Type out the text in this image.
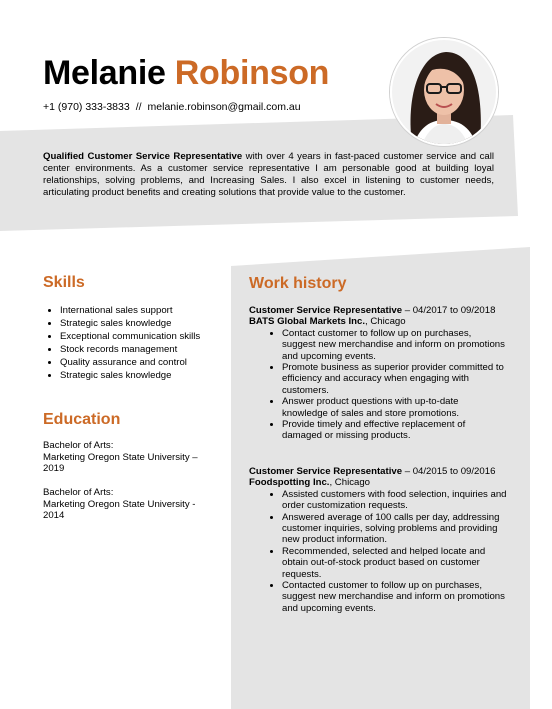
Melanie Robinson
+1 (970) 333-3833 // melanie.robinson@gmail.com.au
Qualified Customer Service Representative with over 4 years in fast-paced customer service and call center environments. As a customer service representative I am personable good at building loyal relationships, solving problems, and Increasing Sales. I also excel in listening to customer needs, articulating product benefits and creating solutions that provide value to the customer.
Skills
• International sales support
• Strategic sales knowledge
• Exceptional communication skills
• Stock records management
• Quality assurance and control
• Strategic sales knowledge
Education
Bachelor of Arts:
Marketing Oregon State University – 2019
Bachelor of Arts:
Marketing Oregon State University - 2014
Work history
Customer Service Representative – 04/2017 to 09/2018
BATS Global Markets Inc., Chicago
• Contact customer to follow up on purchases, suggest new merchandise and inform on promotions and upcoming events.
• Promote business as superior provider committed to efficiency and accuracy when engaging with customers.
• Answer product questions with up-to-date knowledge of sales and store promotions.
• Provide timely and effective replacement of damaged or missing products.
Customer Service Representative – 04/2015 to 09/2016
Foodspotting Inc., Chicago
• Assisted customers with food selection, inquiries and order customization requests.
• Answered average of 100 calls per day, addressing customer inquiries, solving problems and providing new product information.
• Recommended, selected and helped locate and obtain out-of-stock product based on customer requests.
• Contacted customer to follow up on purchases, suggest new merchandise and inform on promotions and upcoming events.
